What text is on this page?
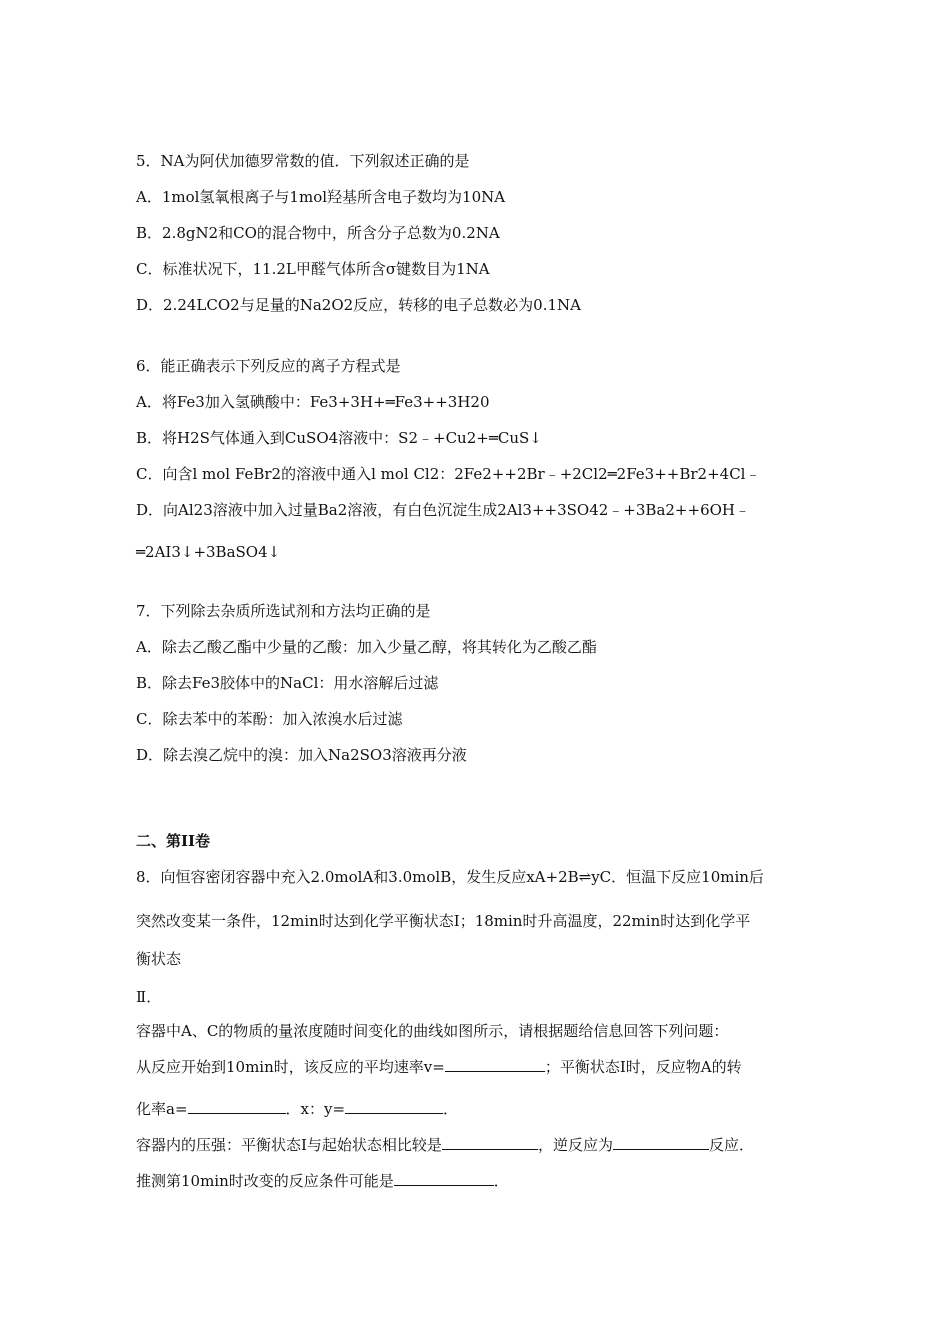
5．NA为阿伏加德罗常数的值．下列叙述正确的是
A．1mol氢氧根离子与1mol羟基所含电子数均为10NA
B．2.8gN2和CO的混合物中，所含分子总数为0.2NA
C．标准状况下，11.2L甲醛气体所含σ键数目为1NA
D．2.24LCO2与足量的Na2O2反应，转移的电子总数必为0.1NA
6．能正确表示下列反应的离子方程式是
A．将Fe3加入氢碘酸中：Fe3+3H+═Fe3++3H20
B．将H2S气体通入到CuSO4溶液中：S2﹣+Cu2+═CuS↓
C．向含l mol FeBr2的溶液中通入l mol Cl2：2Fe2++2Br﹣+2Cl2═2Fe3++Br2+4Cl﹣
D．向Al23溶液中加入过量Ba2溶液，有白色沉淀生成2Al3++3SO42﹣+3Ba2++6OH﹣
═2AI3↓+3BaSO4↓
7．下列除去杂质所选试剂和方法均正确的是
A．除去乙酸乙酯中少量的乙酸：加入少量乙醇，将其转化为乙酸乙酯
B．除去Fe3胶体中的NaCl：用水溶解后过滤
C．除去苯中的苯酚：加入浓溴水后过滤
D．除去溴乙烷中的溴：加入Na2SO3溶液再分液
二、第II卷
8．向恒容密闭容器中充入2.0molA和3.0molB，发生反应xA+2B⇌yC．恒温下反应10min后
突然改变某一条件，12min时达到化学平衡状态Ⅰ；18min时升高温度，22min时达到化学平
衡状态
Ⅱ．
容器中A、C的物质的量浓度随时间变化的曲线如图所示，请根据题给信息回答下列问题：
从反应开始到10min时，该反应的平均速率v=	；平衡状态Ⅰ时，反应物A的转
化率a=	．x：y=	．
容器内的压强：平衡状态Ⅰ与起始状态相比较是	，逆反应为	反应．
推测第10min时改变的反应条件可能是	．
